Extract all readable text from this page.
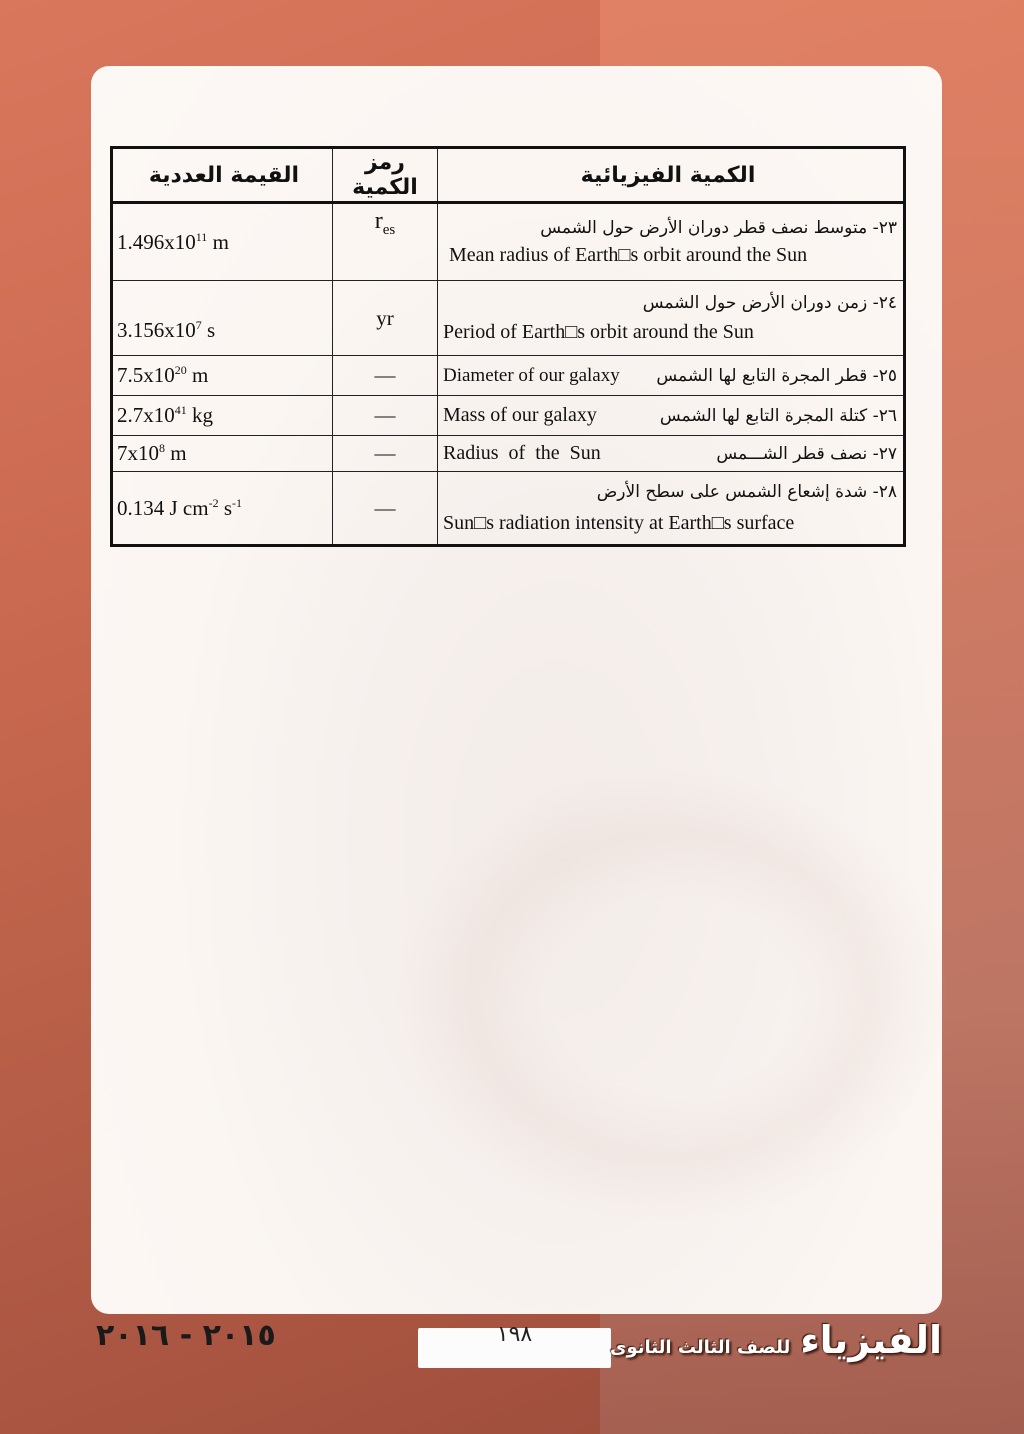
القيمة العددية	رمز الكمية	الكمية الفيزيائية
$1.496x10^{11}$ m	$r_{es}$	٢٣- متوسط نصف قطر دوران الأرض حول الشمس
Mean radius of Earth□s orbit around the Sun

$3.156x10^7$ s	yr	٢٤- زمن دوران الأرض حول الشمس
Period of Earth□s orbit around the Sun

$7.5x10^{20}$ m	—	Diameter of our galaxy ٢٥- قطر المجرة التابع لها الشمس

$2.7x10^{41}$ kg	—	Mass of our galaxy ٢٦- كتلة المجرة التابع لها الشمس

$7x10^8$ m	—	Radius  of  the  Sun ٢٧- نصف قطر الشـــمس

0.134 J $cm^{-2}$ $s^{-1}$	—	٢٨- شدة إشعاع الشمس على سطح الأرض
Sun□s radiation intensity at Earth□s surface
٢٠١٥ - ٢٠١٦	١٩٨	الفيزياء
للصف الثالث الثانوى
